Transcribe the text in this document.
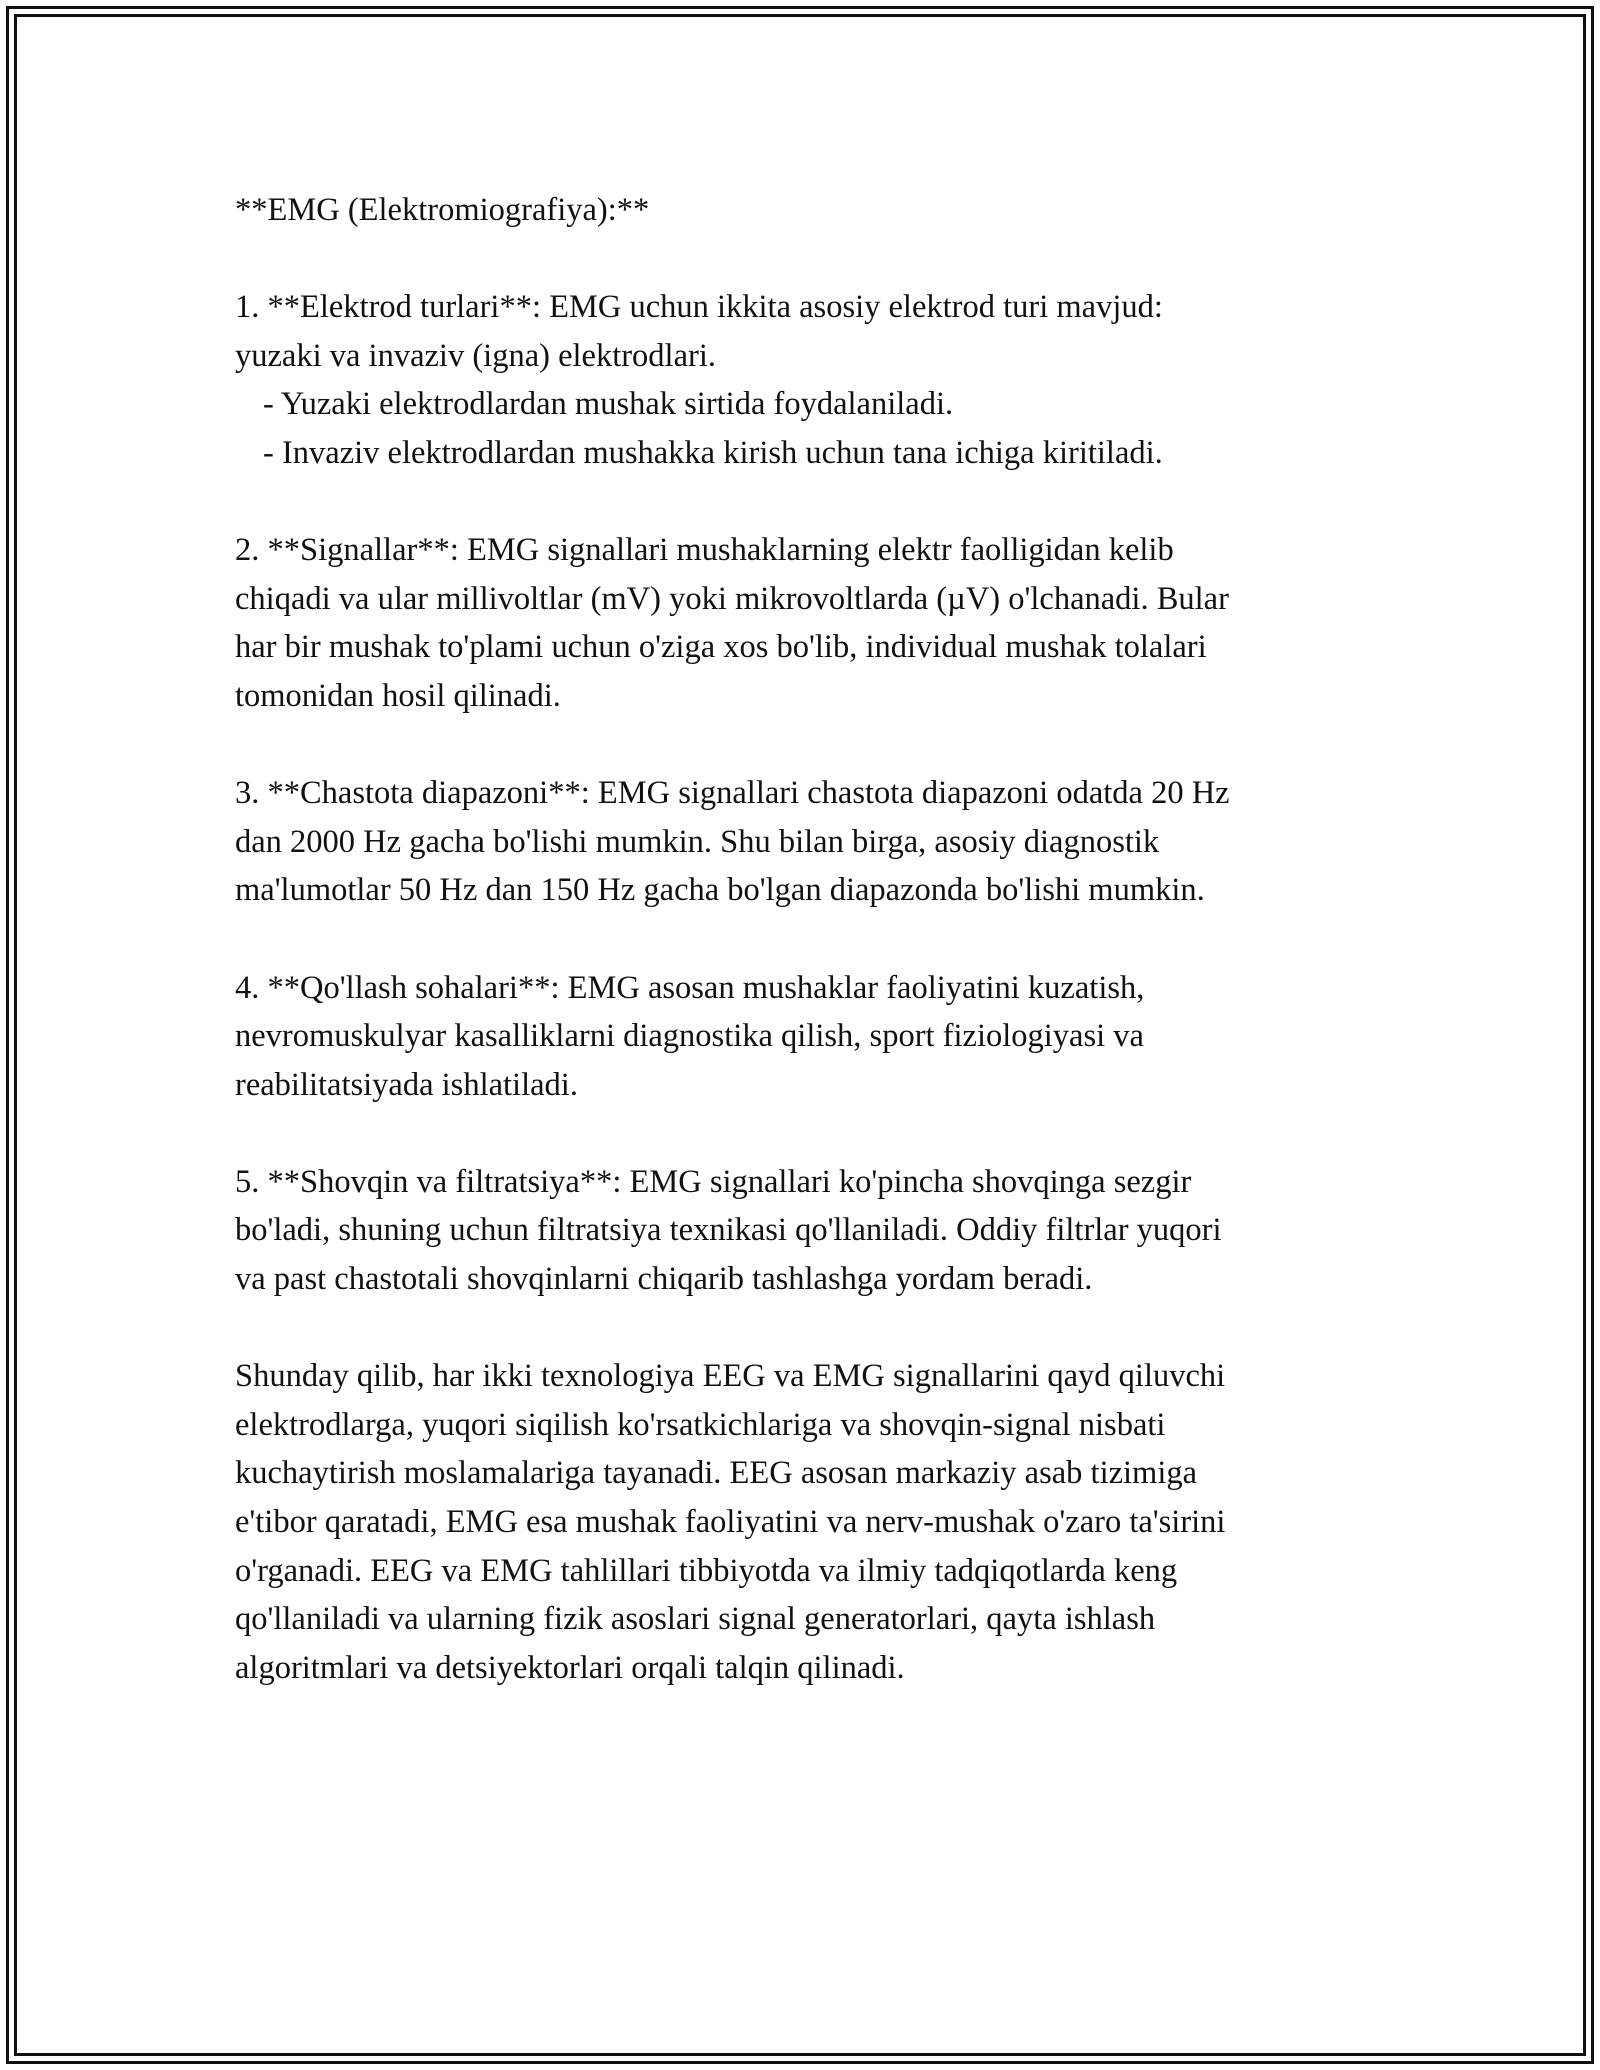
**EMG (Elektromiografiya):**
1. **Elektrod turlari**: EMG uchun ikkita asosiy elektrod turi mavjud:
yuzaki va invaziv (igna) elektrodlari.
- Yuzaki elektrodlardan mushak sirtida foydalaniladi.
- Invaziv elektrodlardan mushakka kirish uchun tana ichiga kiritiladi.
2. **Signallar**: EMG signallari mushaklarning elektr faolligidan kelib
chiqadi va ular millivoltlar (mV) yoki mikrovoltlarda (µV) o'lchanadi. Bular
har bir mushak to'plami uchun o'ziga xos bo'lib, individual mushak tolalari
tomonidan hosil qilinadi.
3. **Chastota diapazoni**: EMG signallari chastota diapazoni odatda 20 Hz
dan 2000 Hz gacha bo'lishi mumkin. Shu bilan birga, asosiy diagnostik
ma'lumotlar 50 Hz dan 150 Hz gacha bo'lgan diapazonda bo'lishi mumkin.
4. **Qo'llash sohalari**: EMG asosan mushaklar faoliyatini kuzatish,
nevromuskulyar kasalliklarni diagnostika qilish, sport fiziologiyasi va
reabilitatsiyada ishlatiladi.
5. **Shovqin va filtratsiya**: EMG signallari ko'pincha shovqinga sezgir
bo'ladi, shuning uchun filtratsiya texnikasi qo'llaniladi. Oddiy filtrlar yuqori
va past chastotali shovqinlarni chiqarib tashlashga yordam beradi.
Shunday qilib, har ikki texnologiya EEG va EMG signallarini qayd qiluvchi
elektrodlarga, yuqori siqilish ko'rsatkichlariga va shovqin-signal nisbati
kuchaytirish moslamalariga tayanadi. EEG asosan markaziy asab tizimiga
e'tibor qaratadi, EMG esa mushak faoliyatini va nerv-mushak o'zaro ta'sirini
o'rganadi. EEG va EMG tahlillari tibbiyotda va ilmiy tadqiqotlarda keng
qo'llaniladi va ularning fizik asoslari signal generatorlari, qayta ishlash
algoritmlari va detsiyektorlari orqali talqin qilinadi.
